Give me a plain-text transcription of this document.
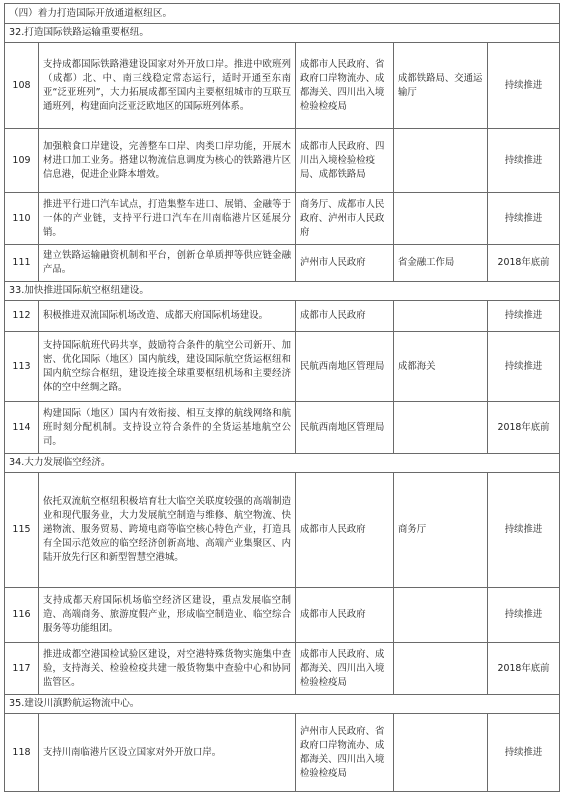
（四）着力打造国际开放通道枢纽区。				
32.打造国际铁路运输重要枢纽。				
108	支持成都国际铁路港建设国家对外开放口岸。推进中欧班列（成都）北、中、南三线稳定常态运行，适时开通至东南亚“泛亚班列”，大力拓展成都至国内主要枢纽城市的互联互通班列，构建面向泛亚泛欧地区的国际班列体系。	成都市人民政府、省政府口岸物流办、成都海关、四川出入境检验检疫局	成都铁路局、交通运输厅	持续推进
109	加强粮食口岸建设，完善整车口岸、肉类口岸功能，开展木材进口加工业务。搭建以物流信息调度为核心的铁路港片区信息港，促进企业降本增效。	成都市人民政府、四川出入境检验检疫局、成都铁路局		持续推进
110	推进平行进口汽车试点，打造集整车进口、展销、金融等于一体的产业链，支持平行进口汽车在川南临港片区延展分销。	商务厅、成都市人民政府、泸州市人民政府		持续推进
111	建立铁路运输融资机制和平台，创新仓单质押等供应链金融产品。	泸州市人民政府	省金融工作局	2018年底前
33.加快推进国际航空枢纽建设。				
112	积极推进双流国际机场改造、成都天府国际机场建设。	成都市人民政府		持续推进
113	支持国际航班代码共享，鼓励符合条件的航空公司新开、加密、优化国际（地区）国内航线，建设国际航空货运枢纽和国内航空综合枢纽，建设连接全球重要枢纽机场和主要经济体的空中丝绸之路。	民航西南地区管理局	成都海关	持续推进
114	构建国际（地区）国内有效衔接、相互支撑的航线网络和航班时刻分配机制。支持设立符合条件的全货运基地航空公司。	民航西南地区管理局		2018年底前
34.大力发展临空经济。				
115	依托双流航空枢纽积极培育壮大临空关联度较强的高端制造业和现代服务业，大力发展航空制造与维修、航空物流、快递物流、服务贸易、跨境电商等临空核心特色产业，打造具有全国示范效应的临空经济创新高地、高端产业集聚区、内陆开放先行区和新型智慧空港城。	成都市人民政府	商务厅	持续推进
116	支持成都天府国际机场临空经济区建设，重点发展临空制造、高端商务、旅游度假产业，形成临空制造业、临空综合服务等功能组团。	成都市人民政府		持续推进
117	推进成都空港国检试验区建设，对空港特殊货物实施集中查验，支持海关、检验检疫共建一般货物集中查验中心和协同监管区。	成都市人民政府、成都海关、四川出入境检验检疫局		2018年底前
35.建设川滇黔航运物流中心。				
118	支持川南临港片区设立国家对外开放口岸。	泸州市人民政府、省政府口岸物流办、成都海关、四川出入境检验检疫局		持续推进
